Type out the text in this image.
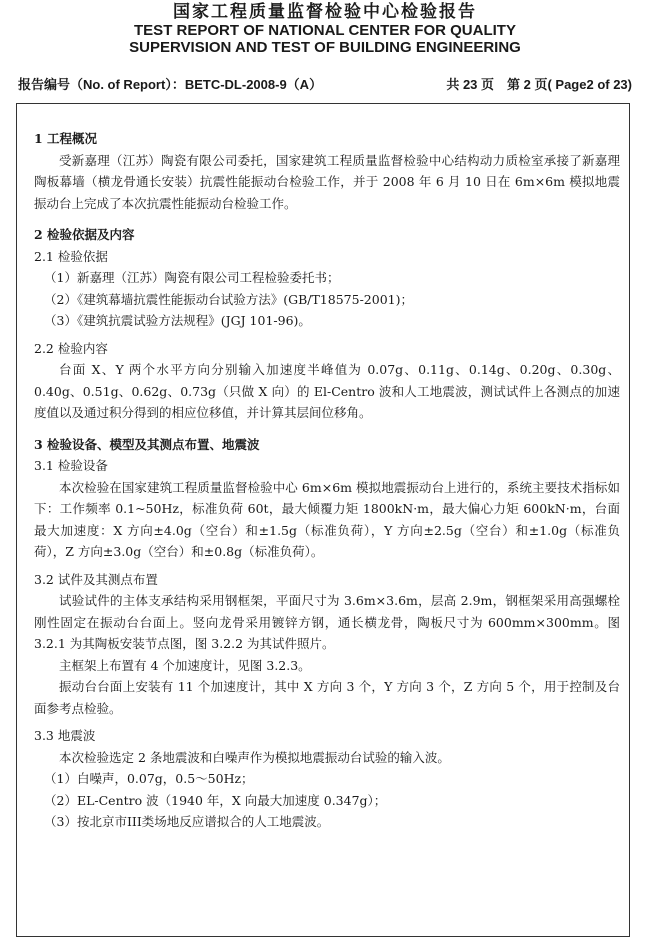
国家工程质量监督检验中心检验报告
TEST REPORT OF NATIONAL CENTER FOR QUALITY
SUPERVISION AND TEST OF BUILDING ENGINEERING
报告编号（No. of Report）：BETC-DL-2008-9（A）	共 23 页　第 2 页( Page2 of 23)
1 工程概况
受新嘉理（江苏）陶瓷有限公司委托，国家建筑工程质量监督检验中心结构动力质检室承接了新嘉理陶板幕墙（横龙骨通长安装）抗震性能振动台检验工作，并于 2008 年 6 月 10 日在 6m×6m 模拟地震振动台上完成了本次抗震性能振动台检验工作。
2 检验依据及内容
2.1 检验依据
（1）新嘉理（江苏）陶瓷有限公司工程检验委托书；
（2）《建筑幕墙抗震性能振动台试验方法》(GB/T18575-2001)；
（3）《建筑抗震试验方法规程》(JGJ 101-96)。
2.2 检验内容
台面 X、Y 两个水平方向分别输入加速度半峰值为 0.07g、0.11g、0.14g、0.20g、0.30g、0.40g、0.51g、0.62g、0.73g（只做 X 向）的 El-Centro 波和人工地震波，测试试件上各测点的加速度值以及通过积分得到的相应位移值，并计算其层间位移角。
3 检验设备、模型及其测点布置、地震波
3.1 检验设备
本次检验在国家建筑工程质量监督检验中心 6m×6m 模拟地震振动台上进行的，系统主要技术指标如下：工作频率 0.1~50Hz，标准负荷 60t，最大倾覆力矩 1800kN·m，最大偏心力矩 600kN·m，台面最大加速度：X 方向±4.0g（空台）和±1.5g（标准负荷），Y 方向±2.5g（空台）和±1.0g（标准负荷），Z 方向±3.0g（空台）和±0.8g（标准负荷）。
3.2 试件及其测点布置
试验试件的主体支承结构采用钢框架，平面尺寸为 3.6m×3.6m，层高 2.9m，钢框架采用高强螺栓刚性固定在振动台台面上。竖向龙骨采用镀锌方钢，通长横龙骨，陶板尺寸为 600mm×300mm。图 3.2.1 为其陶板安装节点图，图 3.2.2 为其试件照片。
主框架上布置有 4 个加速度计，见图 3.2.3。
振动台台面上安装有 11 个加速度计，其中 X 方向 3 个，Y 方向 3 个，Z 方向 5 个，用于控制及台面参考点检验。
3.3 地震波
本次检验选定 2 条地震波和白噪声作为模拟地震振动台试验的输入波。
（1）白噪声，0.07g，0.5～50Hz；
（2）EL-Centro 波（1940 年，X 向最大加速度 0.347g）；
（3）按北京市III类场地反应谱拟合的人工地震波。
